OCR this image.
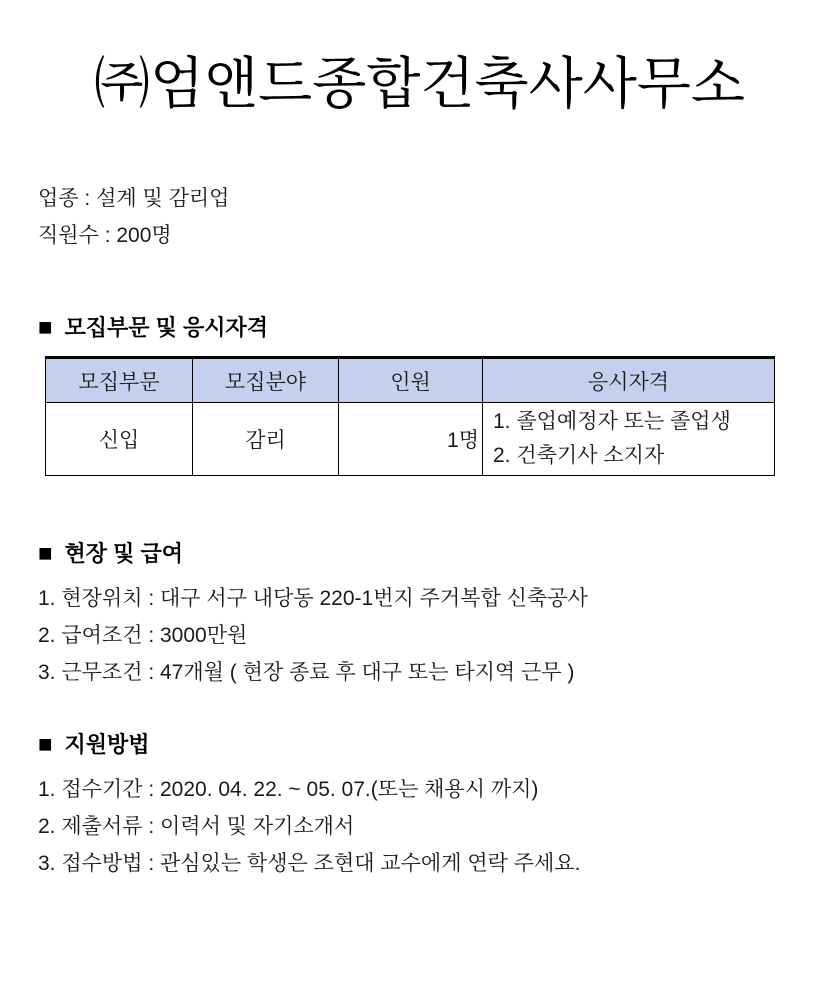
㈜엄앤드종합건축사사무소
업종 : 설계 및 감리업
직원수 : 200명
■ 모집부문 및 응시자격
모집부문	모집분야	인원	응시자격
신입	감리	1명	1. 졸업예정자 또는 졸업생
2. 건축기사 소지자
■ 현장 및 급여
1. 현장위치 : 대구 서구 내당동 220-1번지 주거복합 신축공사
2. 급여조건 : 3000만원
3. 근무조건 : 47개월 ( 현장 종료 후 대구 또는 타지역 근무 )
■ 지원방법
1. 접수기간 : 2020. 04. 22. ~ 05. 07.(또는 채용시 까지)
2. 제출서류 : 이력서 및 자기소개서
3. 접수방법 : 관심있는 학생은 조현대 교수에게 연락 주세요.
